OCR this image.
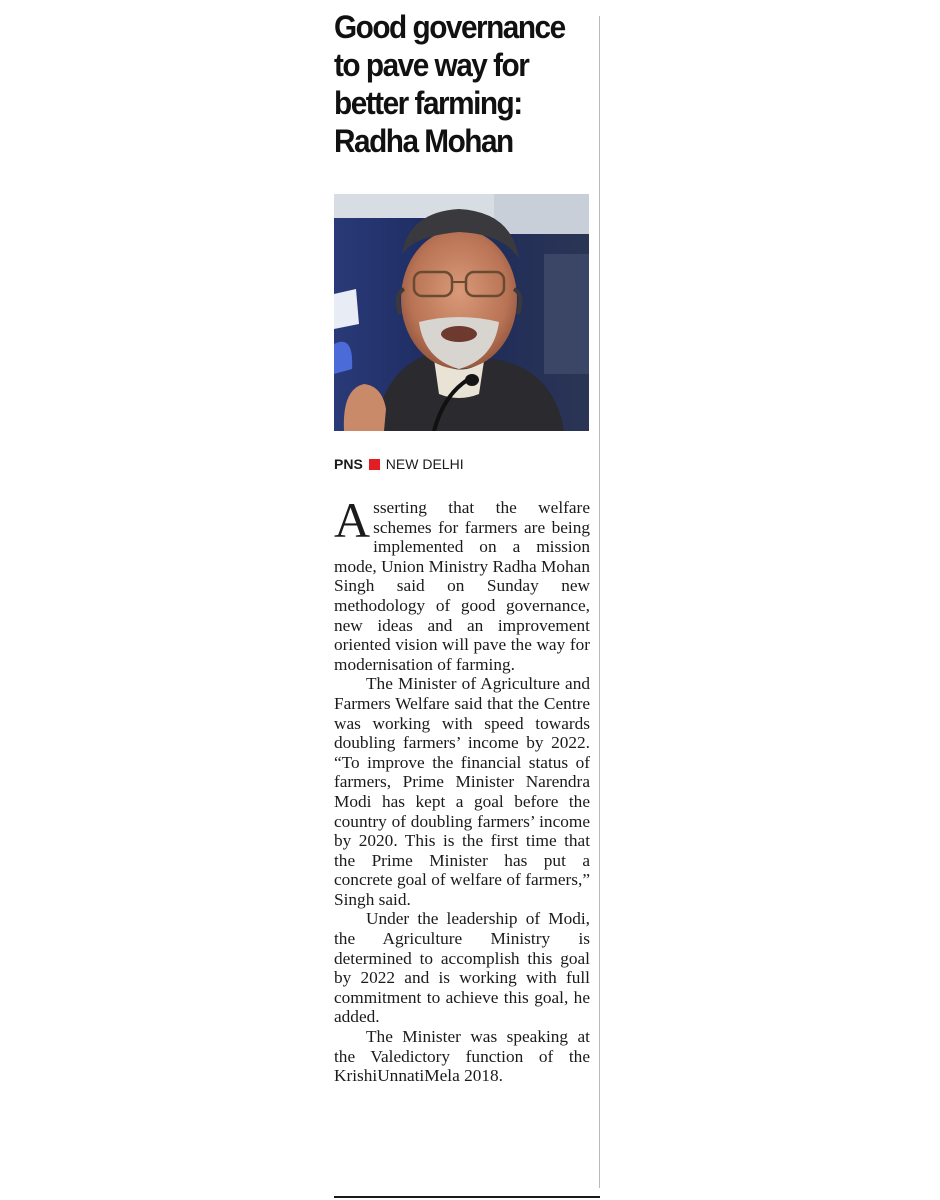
Good governance
to pave way for
better farming:
Radha Mohan
PNS NEW DELHI

Asserting that the welfare schemes for farmers are being implemented on a mission mode, Union Ministry Radha Mohan Singh said on Sunday new methodology of good governance, new ideas and an improvement oriented vision will pave the way for modernisation of farming.

The Minister of Agriculture and Farmers Welfare said that the Centre was working with speed towards doubling farmers’ income by 2022. “To improve the financial status of farmers, Prime Minister Narendra Modi has kept a goal before the country of doubling farmers’ income by 2020. This is the first time that the Prime Minister has put a concrete goal of welfare of farmers,” Singh said.

Under the leadership of Modi, the Agriculture Ministry is determined to accomplish this goal by 2022 and is working with full commitment to achieve this goal, he added.

The Minister was speaking at the Valedictory function of the KrishiUnnatiMela 2018.
